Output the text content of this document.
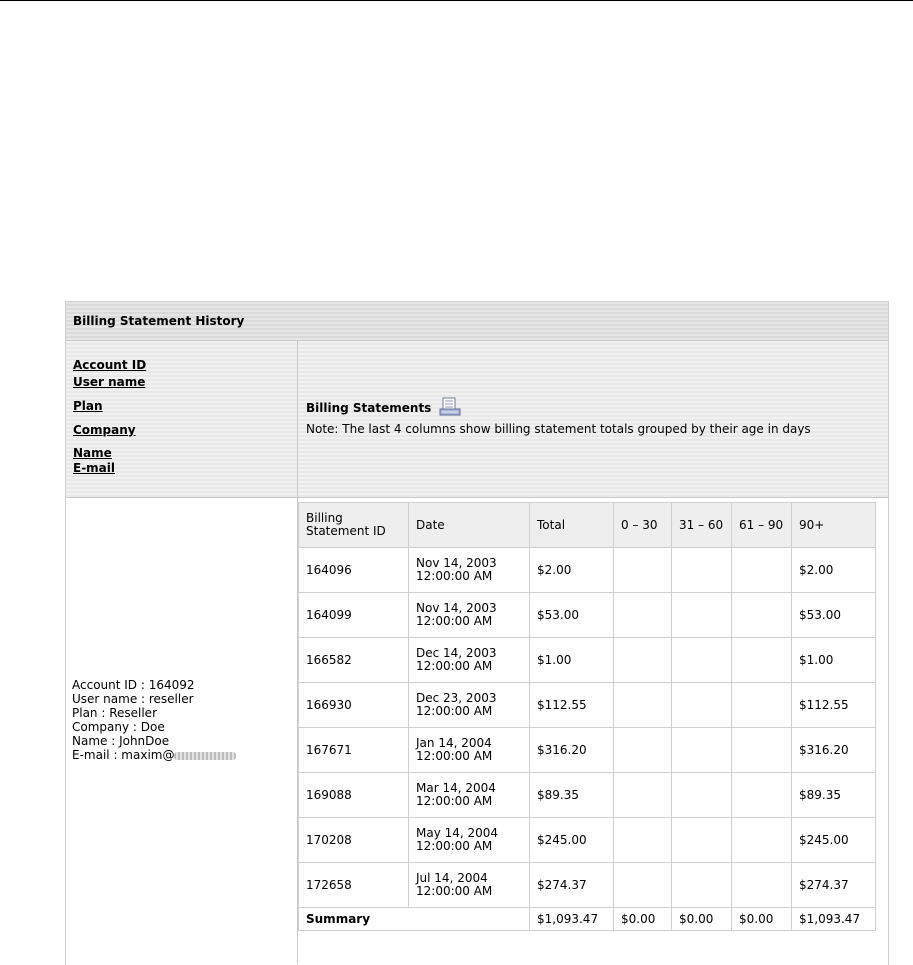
Billing Statement History
Account ID
User name
Plan
Company
Name
E-mail
Billing Statements
Note: The last 4 columns show billing statement totals grouped by their age in days
Account ID : 164092
User name : reseller
Plan : Reseller
Company : Doe
Name : JohnDoe
E-mail : maxim@
Billing Statement ID	Date	Total	0 – 30	31 – 60	61 – 90	90+
164096	Nov 14, 2003 12:00:00 AM	$2.00				$2.00
164099	Nov 14, 2003 12:00:00 AM	$53.00				$53.00
166582	Dec 14, 2003 12:00:00 AM	$1.00				$1.00
166930	Dec 23, 2003 12:00:00 AM	$112.55				$112.55
167671	Jan 14, 2004 12:00:00 AM	$316.20				$316.20
169088	Mar 14, 2004 12:00:00 AM	$89.35				$89.35
170208	May 14, 2004 12:00:00 AM	$245.00				$245.00
172658	Jul 14, 2004 12:00:00 AM	$274.37				$274.37
Summary		$1,093.47	$0.00	$0.00	$0.00	$1,093.47
